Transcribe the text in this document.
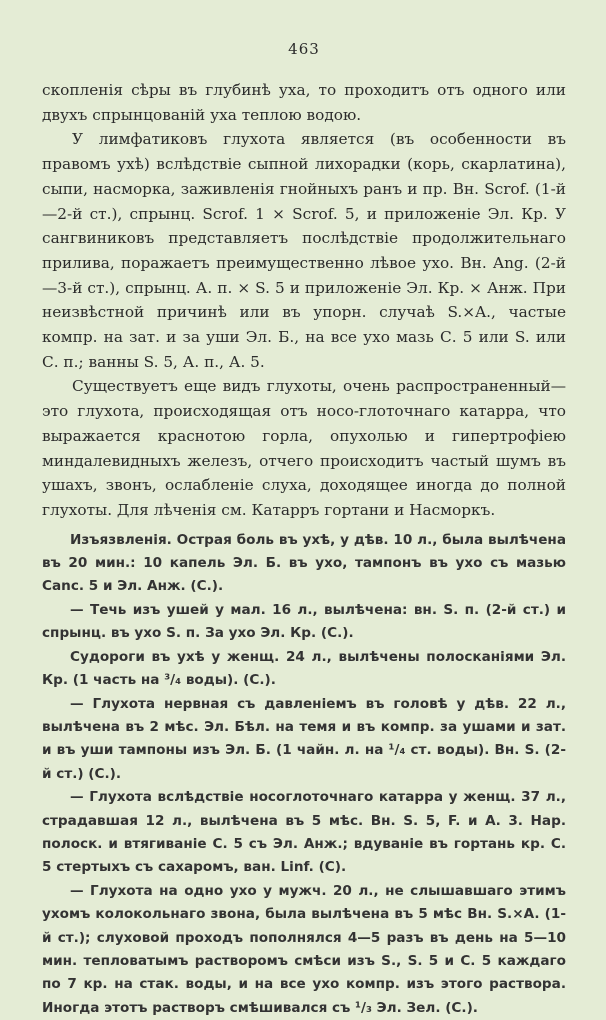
463

скопленія сѣры въ глубинѣ уха, то проходитъ отъ одного или двухъ спрынцованій уха теплою водою.

У лимфатиковъ глухота является (въ особенности въ правомъ ухѣ) вслѣдствіе сыпной лихорадки (корь, скарлатина), сыпи, насморка, заживленія гнойныхъ ранъ и пр. Вн. Scrof. (1-й—2-й ст.), спрынц. Scrof. 1 × Scrof. 5, и приложеніе Эл. Кр. У сангвиниковъ представляетъ послѣдствіе продолжительнаго прилива, поражаетъ преимущественно лѣвое ухо. Вн. Ang. (2-й—3-й ст.), спрынц. А. п. × S. 5 и приложеніе Эл. Кр. × Анж. При неизвѣстной причинѣ или въ упорн. случаѣ S.×A., частые компр. на зат. и за уши Эл. Б., на все ухо мазь С. 5 или S. или С. п.; ванны S. 5, А. п., А. 5.

Существуетъ еще видъ глухоты, очень распространенный— это глухота, происходящая отъ носо-глоточнаго катарра, что выражается краснотою горла, опухолью и гипертрофіею миндалевидныхъ железъ, отчего происходитъ частый шумъ въ ушахъ, звонъ, ослабленіе слуха, доходящее иногда до полной глухоты. Для лѣченія см. Катарръ гортани и Насморкъ.

Изъязвленія. Острая боль въ ухѣ, у дѣв. 10 л., была вылѣчена въ 20 мин.: 10 капель Эл. Б. въ ухо, тампонъ въ ухо съ мазью Canc. 5 и Эл. Анж. (С.).

— Течь изъ ушей у мал. 16 л., вылѣчена: вн. S. п. (2-й ст.) и спрынц. въ ухо S. п. За ухо Эл. Кр. (С.).

Судороги въ ухѣ у женщ. 24 л., вылѣчены полосканіями Эл. Кр. (1 часть на ³/₄ воды). (С.).

— Глухота нервная съ давленіемъ въ головѣ у дѣв. 22 л., вылѣчена въ 2 мѣс. Эл. Бѣл. на темя и въ компр. за ушами и зат. и въ уши тампоны изъ Эл. Б. (1 чайн. л. на ¹/₄ ст. воды). Вн. S. (2-й ст.) (С.).

— Глухота вслѣдствіе носоглоточнаго катарра у женщ. 37 л., страдавшая 12 л., вылѣчена въ 5 мѣс. Вн. S. 5, F. и А. 3. Нар. полоск. и втягиваніе С. 5 съ Эл. Анж.; вдуваніе въ гортань кр. С. 5 стертыхъ съ сахаромъ, ван. Linf. (С).

— Глухота на одно ухо у мужч. 20 л., не слышавшаго этимъ ухомъ колокольнаго звона, была вылѣчена въ 5 мѣс Вн. S.×A. (1-й ст.); слуховой проходъ пополнялся 4—5 разъ въ день на 5—10 мин. тепловатымъ растворомъ смѣси изъ S., S. 5 и С. 5 каждаго по 7 кр. на стак. воды, и на все ухо компр. изъ этого раствора. Иногда этотъ растворъ смѣшивался съ ¹/₃ Эл. Зел. (С.).
